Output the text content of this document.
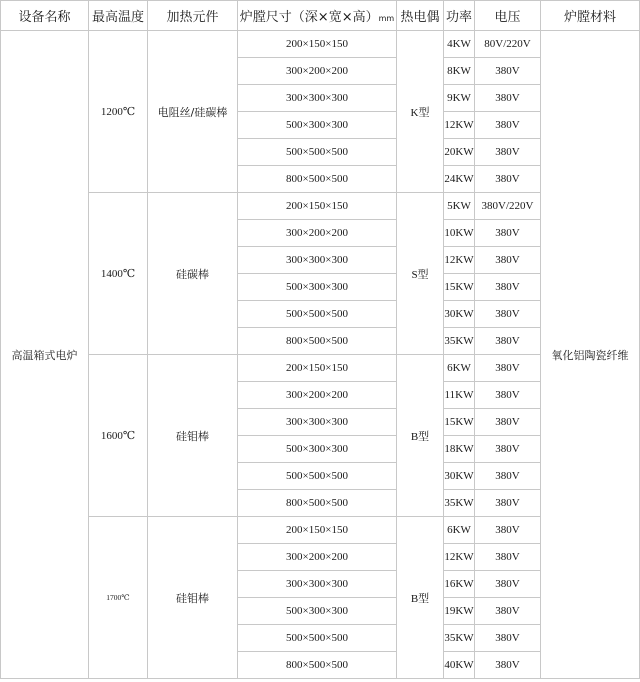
设备名称	最高温度	加热元件	炉膛尺寸（深×宽×高）mm	热电偶	功率	电压	炉膛材料
高温箱式电炉	1200℃	电阻丝/硅碳棒	200×150×150	K型	4KW	80V/220V	氧化铝陶瓷纤维
			300×200×200		8KW	380V	
			300×300×300		9KW	380V	
			500×300×300		12KW	380V	
			500×500×500		20KW	380V	
			800×500×500		24KW	380V	
	1400℃	硅碳棒	200×150×150	S型	5KW	380V/220V	
			300×200×200		10KW	380V	
			300×300×300		12KW	380V	
			500×300×300		15KW	380V	
			500×500×500		30KW	380V	
			800×500×500		35KW	380V	
	1600℃	硅钼棒	200×150×150	B型	6KW	380V	
			300×200×200		11KW	380V	
			300×300×300		15KW	380V	
			500×300×300		18KW	380V	
			500×500×500		30KW	380V	
			800×500×500		35KW	380V	
	1700℃	硅钼棒	200×150×150	B型	6KW	380V	
			300×200×200		12KW	380V	
			300×300×300		16KW	380V	
			500×300×300		19KW	380V	
			500×500×500		35KW	380V	
			800×500×500		40KW	380V	
